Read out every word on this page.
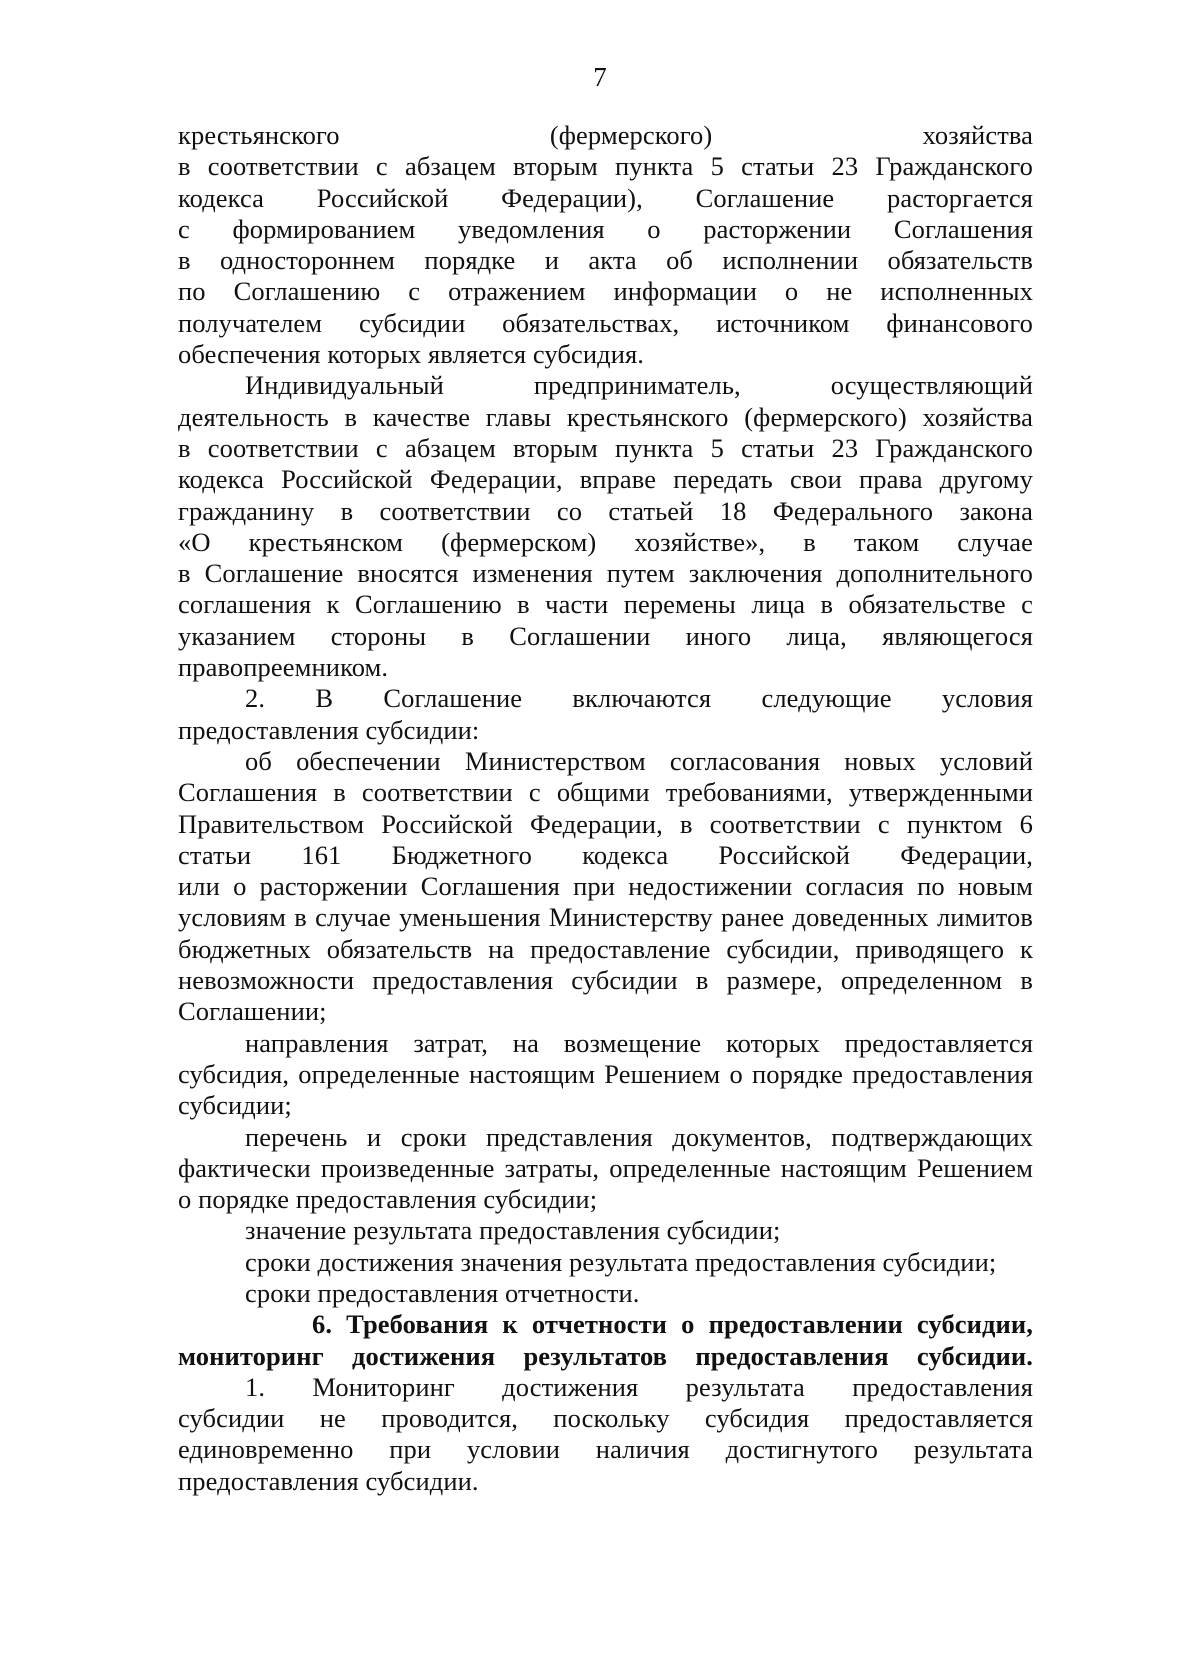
7
крестьянского (фермерского) хозяйства
в соответствии с абзацем вторым пункта 5 статьи 23 Гражданского
кодекса Российской Федерации), Соглашение расторгается
с формированием уведомления о расторжении Соглашения
в одностороннем порядке и акта об исполнении обязательств
по Соглашению с отражением информации о не исполненных
получателем субсидии обязательствах, источником финансового
обеспечения которых является субсидия.
Индивидуальный предприниматель, осуществляющий
деятельность в качестве главы крестьянского (фермерского) хозяйства
в соответствии с абзацем вторым пункта 5 статьи 23 Гражданского
кодекса Российской Федерации, вправе передать свои права другому
гражданину в соответствии со статьей 18 Федерального закона
«О крестьянском (фермерском) хозяйстве», в таком случае
в Соглашение вносятся изменения путем заключения дополнительного
соглашения к Соглашению в части перемены лица в обязательстве с
указанием стороны в Соглашении иного лица, являющегося
правопреемником.
2. В Соглашение включаются следующие условия
предоставления субсидии:
об обеспечении Министерством согласования новых условий
Соглашения в соответствии с общими требованиями, утвержденными
Правительством Российской Федерации, в соответствии с пунктом 6
статьи 161 Бюджетного кодекса Российской Федерации,
или о расторжении Соглашения при недостижении согласия по новым
условиям в случае уменьшения Министерству ранее доведенных лимитов
бюджетных обязательств на предоставление субсидии, приводящего к
невозможности предоставления субсидии в размере, определенном в
Соглашении;
направления затрат, на возмещение которых предоставляется
субсидия, определенные настоящим Решением о порядке предоставления
субсидии;
перечень и сроки представления документов, подтверждающих
фактически произведенные затраты, определенные настоящим Решением
о порядке предоставления субсидии;
значение результата предоставления субсидии;
сроки достижения значения результата предоставления субсидии;
сроки предоставления отчетности.
6. Требования к отчетности о предоставлении субсидии,
мониторинг достижения результатов предоставления субсидии.
1. Мониторинг достижения результата предоставления
субсидии не проводится, поскольку субсидия предоставляется
единовременно при условии наличия достигнутого результата
предоставления субсидии.
